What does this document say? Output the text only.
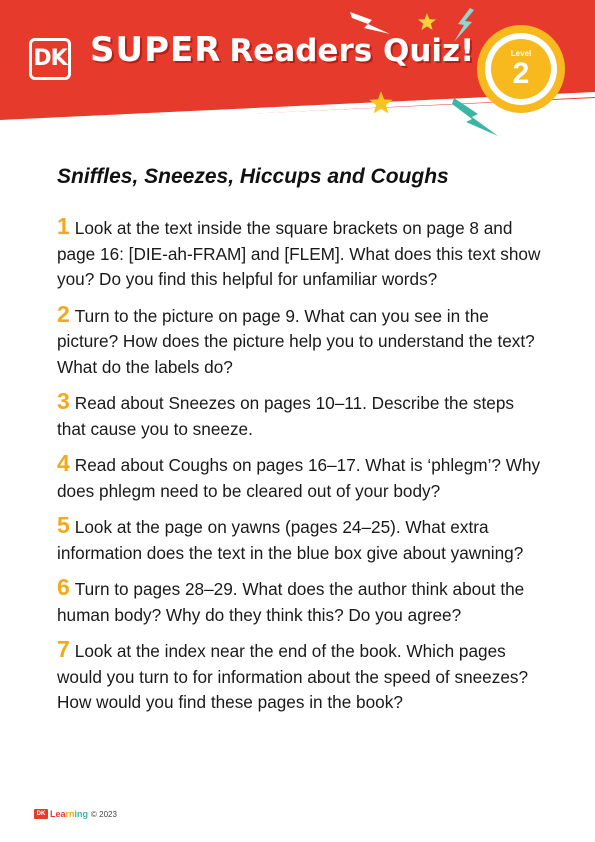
DK SUPER Readers Quiz!	Level
2
Sniffles, Sneezes, Hiccups and Coughs

1 Look at the text inside the square brackets on page 8 and page 16: [DIE-ah-FRAM] and [FLEM]. What does this text show you? Do you find this helpful for unfamiliar words?

2 Turn to the picture on page 9. What can you see in the picture? How does the picture help you to understand the text? What do the labels do?

3 Read about Sneezes on pages 10–11. Describe the steps that cause you to sneeze.

4 Read about Coughs on pages 16–17. What is ‘phlegm’? Why does phlegm need to be cleared out of your body?

5 Look at the page on yawns (pages 24–25). What extra information does the text in the blue box give about yawning?

6 Turn to pages 28–29. What does the author think about the human body? Why do they think this? Do you agree?

7 Look at the index near the end of the book. Which pages would you turn to for information about the speed of sneezes? How would you find these pages in the book?

DK Learning © 2023
